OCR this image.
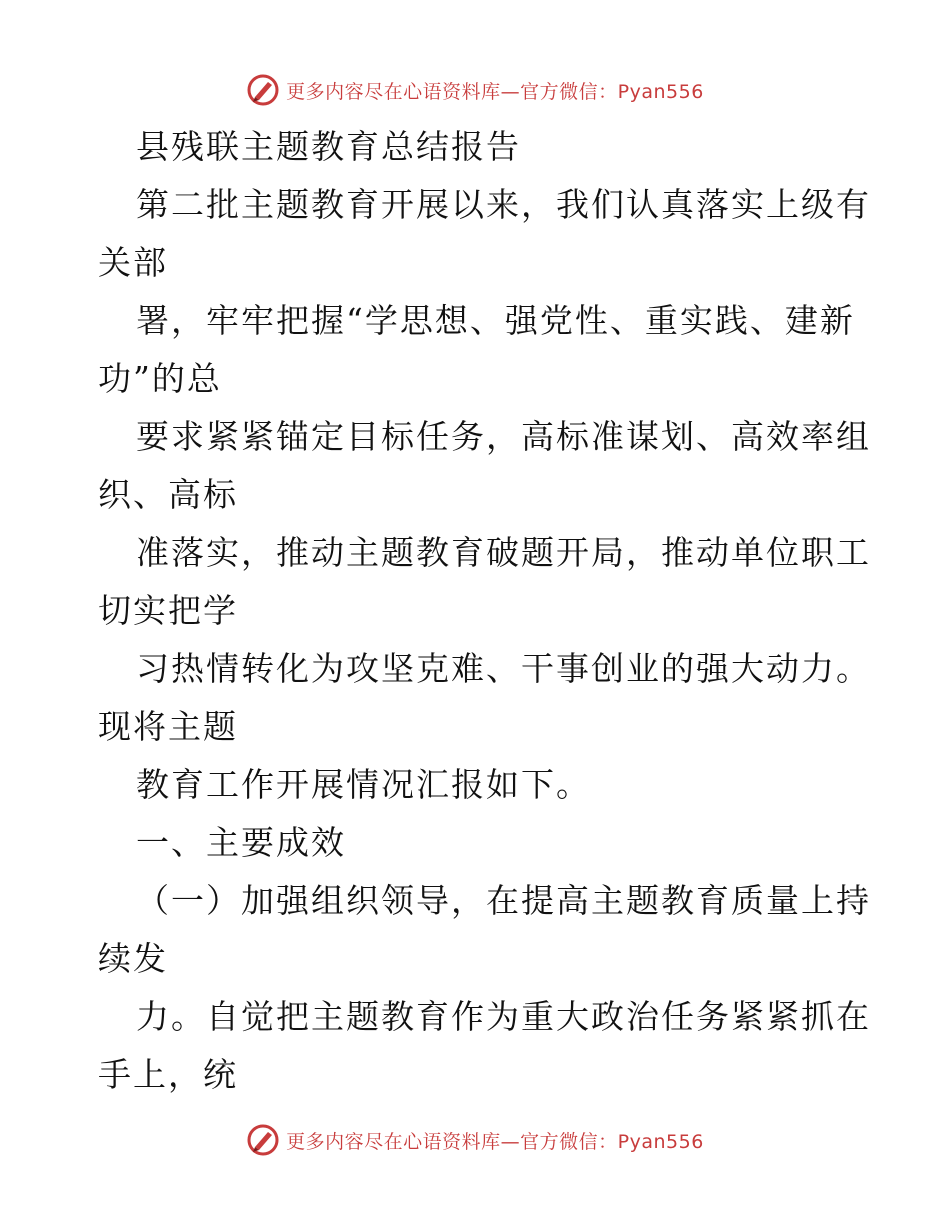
更多内容尽在心语资料库—官方微信：Pyan556
县残联主题教育总结报告
第二批主题教育开展以来，我们认真落实上级有
关部
署，牢牢把握“学思想、强党性、重实践、建新
功”的总
要求紧紧锚定目标任务，高标准谋划、高效率组
织、高标
准落实，推动主题教育破题开局，推动单位职工
切实把学
习热情转化为攻坚克难、干事创业的强大动力。
现将主题
教育工作开展情况汇报如下。
一、主要成效
（一）加强组织领导，在提高主题教育质量上持
续发
力。自觉把主题教育作为重大政治任务紧紧抓在
手上，统
更多内容尽在心语资料库—官方微信：Pyan556
